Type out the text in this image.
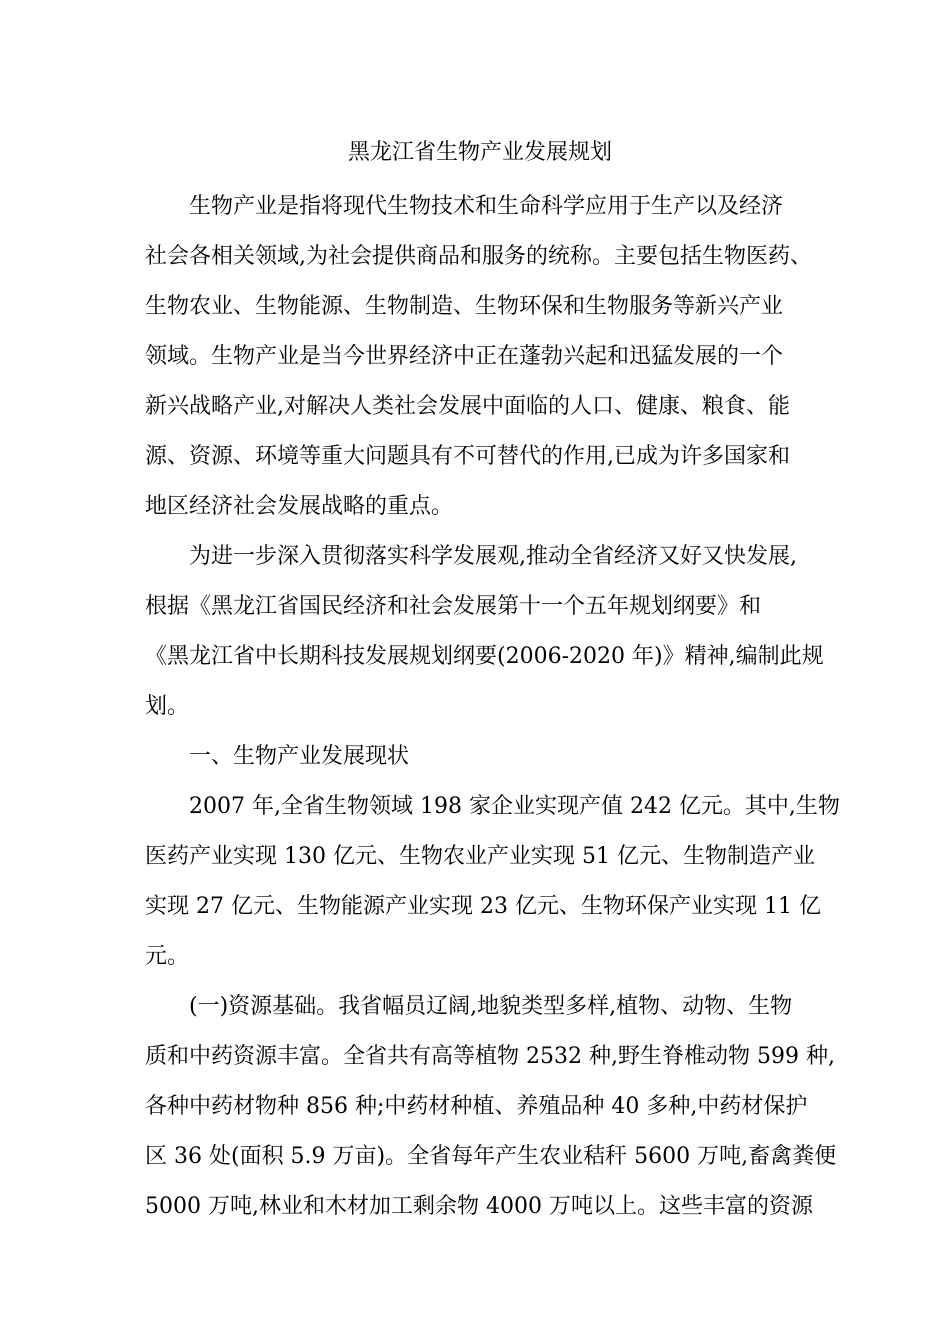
黑龙江省生物产业发展规划
生物产业是指将现代生物技术和生命科学应用于生产以及经济
社会各相关领域,为社会提供商品和服务的统称。主要包括生物医药、
生物农业、生物能源、生物制造、生物环保和生物服务等新兴产业
领域。生物产业是当今世界经济中正在蓬勃兴起和迅猛发展的一个
新兴战略产业,对解决人类社会发展中面临的人口、健康、粮食、能
源、资源、环境等重大问题具有不可替代的作用,已成为许多国家和
地区经济社会发展战略的重点。
为进一步深入贯彻落实科学发展观,推动全省经济又好又快发展,
根据《黑龙江省国民经济和社会发展第十一个五年规划纲要》和
《黑龙江省中长期科技发展规划纲要(2006-2020 年)》精神,编制此规
划。
一、生物产业发展现状
2007 年,全省生物领域 198 家企业实现产值 242 亿元。其中,生物
医药产业实现 130 亿元、生物农业产业实现 51 亿元、生物制造产业
实现 27 亿元、生物能源产业实现 23 亿元、生物环保产业实现 11 亿
元。
(一)资源基础。我省幅员辽阔,地貌类型多样,植物、动物、生物
质和中药资源丰富。全省共有高等植物 2532 种,野生脊椎动物 599 种,
各种中药材物种 856 种;中药材种植、养殖品种 40 多种,中药材保护
区 36 处(面积 5.9 万亩)。全省每年产生农业秸秆 5600 万吨,畜禽粪便
5000 万吨,林业和木材加工剩余物 4000 万吨以上。这些丰富的资源
